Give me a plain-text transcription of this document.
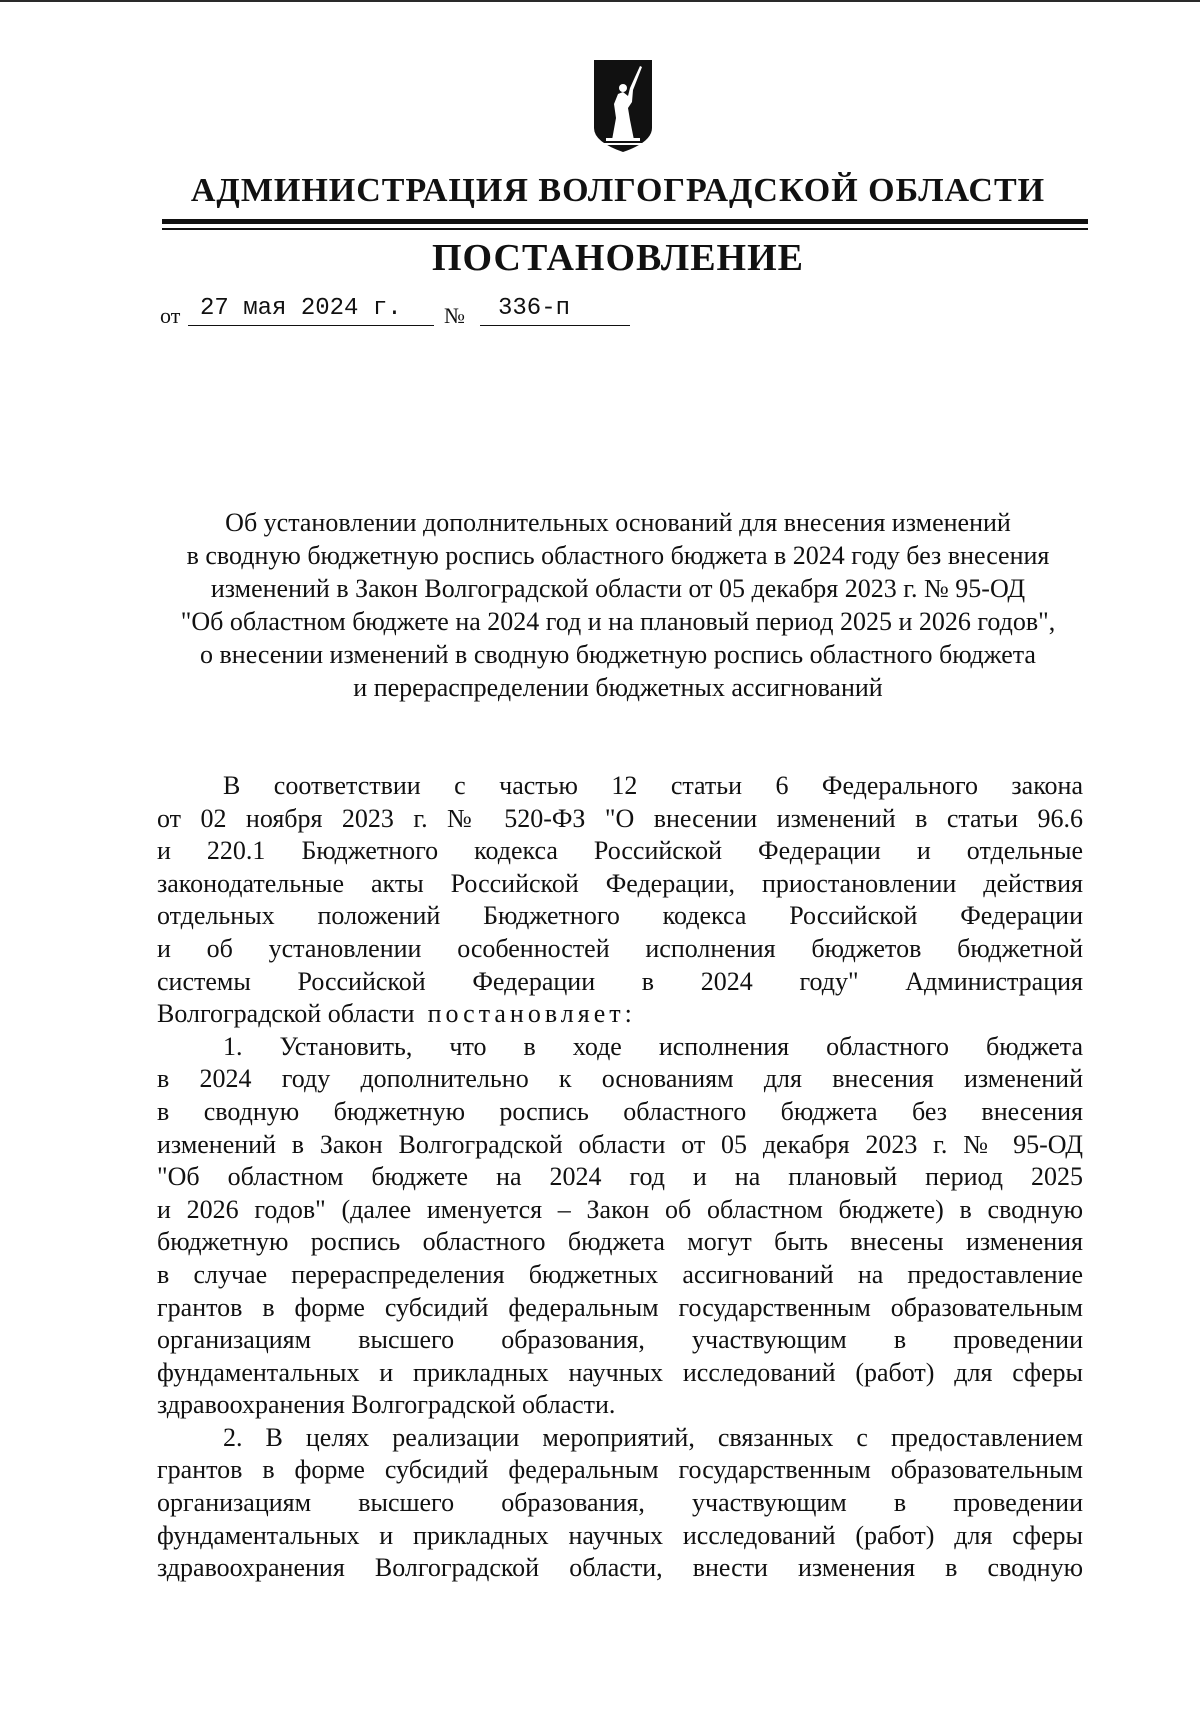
АДМИНИСТРАЦИЯ ВОЛГОГРАДСКОЙ ОБЛАСТИ
ПОСТАНОВЛЕНИЕ
от 27 мая 2024 г.	№	336-п
Об установлении дополнительных оснований для внесения изменений
в сводную бюджетную роспись областного бюджета в 2024 году без внесения
изменений в Закон Волгоградской области от 05 декабря 2023 г. № 95-ОД
"Об областном бюджете на 2024 год и на плановый период 2025 и 2026 годов",
о внесении изменений в сводную бюджетную роспись областного бюджета
и перераспределении бюджетных ассигнований
В соответствии с частью 12 статьи 6 Федерального закона
от 02 ноября 2023 г. № 520-ФЗ "О внесении изменений в статьи 96.6
и 220.1 Бюджетного кодекса Российской Федерации и отдельные
законодательные акты Российской Федерации, приостановлении действия
отдельных положений Бюджетного кодекса Российской Федерации
и об установлении особенностей исполнения бюджетов бюджетной
системы Российской Федерации в 2024 году" Администрация
Волгоградской области постановляет:
1. Установить, что в ходе исполнения областного бюджета
в 2024 году дополнительно к основаниям для внесения изменений
в сводную бюджетную роспись областного бюджета без внесения
изменений в Закон Волгоградской области от 05 декабря 2023 г. № 95-ОД
"Об областном бюджете на 2024 год и на плановый период 2025
и 2026 годов" (далее именуется – Закон об областном бюджете) в сводную
бюджетную роспись областного бюджета могут быть внесены изменения
в случае перераспределения бюджетных ассигнований на предоставление
грантов в форме субсидий федеральным государственным образовательным
организациям высшего образования, участвующим в проведении
фундаментальных и прикладных научных исследований (работ) для сферы
здравоохранения Волгоградской области.
2. В целях реализации мероприятий, связанных с предоставлением
грантов в форме субсидий федеральным государственным образовательным
организациям высшего образования, участвующим в проведении
фундаментальных и прикладных научных исследований (работ) для сферы
здравоохранения Волгоградской области, внести изменения в сводную
